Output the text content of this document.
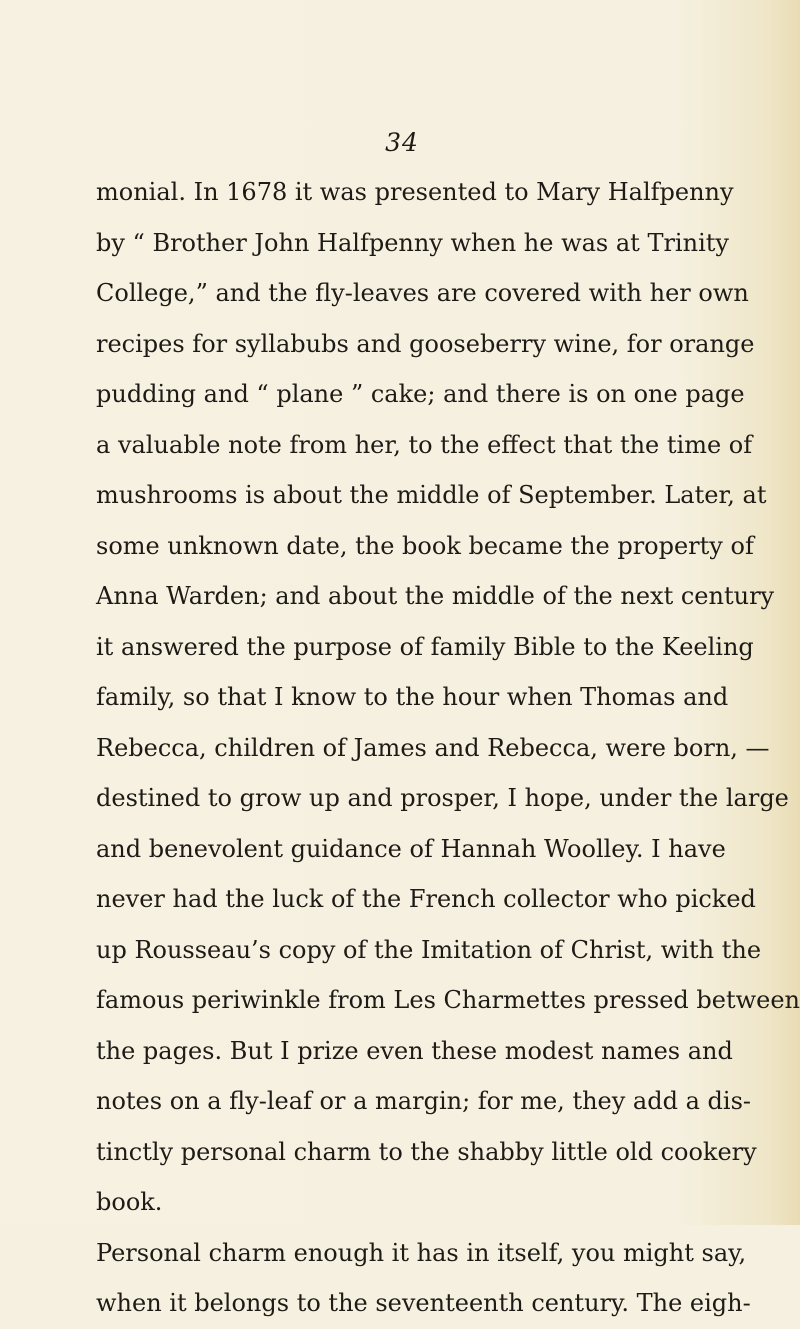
34
monial. In 1678 it was presented to Mary Halfpenny
by “ Brother John Halfpenny when he was at Trinity
College,” and the fly-leaves are covered with her own
recipes for syllabubs and gooseberry wine, for orange
pudding and “ plane ” cake; and there is on one page
a valuable note from her, to the effect that the time of
mushrooms is about the middle of September. Later, at
some unknown date, the book became the property of
Anna Warden; and about the middle of the next century
it answered the purpose of family Bible to the Keeling
family, so that I know to the hour when Thomas and
Rebecca, children of James and Rebecca, were born, —
destined to grow up and prosper, I hope, under the large
and benevolent guidance of Hannah Woolley. I have
never had the luck of the French collector who picked
up Rousseau’s copy of the Imitation of Christ, with the
famous periwinkle from Les Charmettes pressed between
the pages. But I prize even these modest names and
notes on a fly-leaf or a margin; for me, they add a dis-
tinctly personal charm to the shabby little old cookery
book.
Personal charm enough it has in itself, you might say,
when it belongs to the seventeenth century. The eigh-
